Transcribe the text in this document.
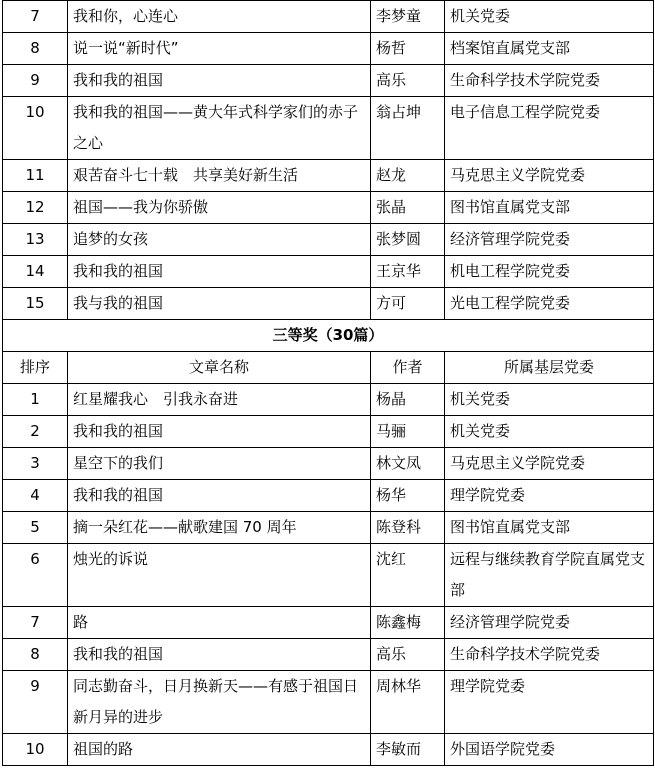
7	我和你，心连心	李梦童	机关党委
8	说一说“新时代”	杨哲	档案馆直属党支部
9	我和我的祖国	高乐	生命科学技术学院党委
10	我和我的祖国——黄大年式科学家们的赤子之心	翁占坤	电子信息工程学院党委
11	艰苦奋斗七十载　共享美好新生活	赵龙	马克思主义学院党委
12	祖国——我为你骄傲	张晶	图书馆直属党支部
13	追梦的女孩	张梦圆	经济管理学院党委
14	我和我的祖国	王京华	机电工程学院党委
15	我与我的祖国	方可	光电工程学院党委
三等奖（30篇）			
排序	文章名称	作者	所属基层党委
1	红星耀我心　引我永奋进	杨晶	机关党委
2	我和我的祖国	马骊	机关党委
3	星空下的我们	林文凤	马克思主义学院党委
4	我和我的祖国	杨华	理学院党委
5	摘一朵红花——献歌建国 70 周年	陈登科	图书馆直属党支部
6	烛光的诉说	沈红	远程与继续教育学院直属党支部
7	路	陈鑫梅	经济管理学院党委
8	我和我的祖国	高乐	生命科学技术学院党委
9	同志勤奋斗，日月换新天——有感于祖国日新月异的进步	周林华	理学院党委
10	祖国的路	李敏而	外国语学院党委
